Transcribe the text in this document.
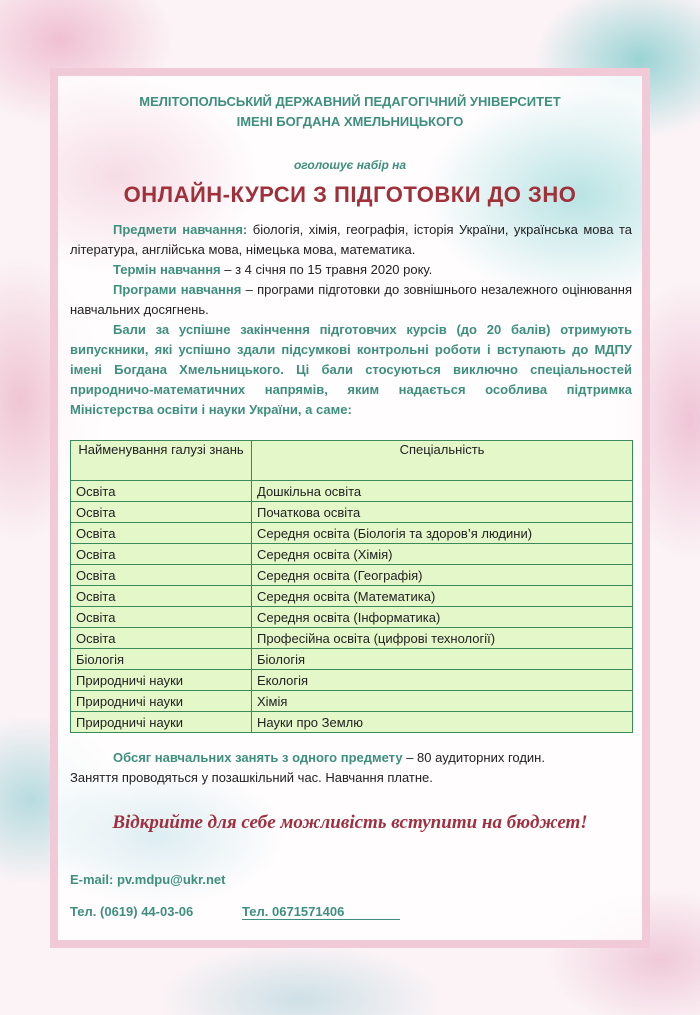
МЕЛІТОПОЛЬСЬКИЙ ДЕРЖАВНИЙ ПЕДАГОГІЧНИЙ УНІВЕРСИТЕТ
ІМЕНІ БОГДАНА ХМЕЛЬНИЦЬКОГО
оголошує набір на
ОНЛАЙН-КУРСИ З ПІДГОТОВКИ ДО ЗНО

Предмети навчання: біологія, хімія, географія, історія України, українська мова та література, англійська мова, німецька мова, математика.

Термін навчання – з 4 січня по 15 травня 2020 року.

Програми навчання – програми підготовки до зовнішнього незалежного оцінювання навчальних досягнень.

Бали за успішне закінчення підготовчих курсів (до 20 балів) отримують випускники, які успішно здали підсумкові контрольні роботи і вступають до МДПУ імені Богдана Хмельницького. Ці бали стосуються виключно спеціальностей природничо-математичних напрямів, яким надається особлива підтримка Міністерства освіти і науки України, а саме:

Найменування галузі знань	Спеціальність
Освіта	Дошкільна освіта
Освіта	Початкова освіта
Освіта	Середня освіта (Біологія та здоров’я людини)
Освіта	Середня освіта (Хімія)
Освіта	Середня освіта (Географія)
Освіта	Середня освіта (Математика)
Освіта	Середня освіта (Інформатика)
Освіта	Професійна освіта (цифрові технології)
Біологія	Біологія
Природничі науки	Екологія
Природничі науки	Хімія
Природничі науки	Науки про Землю

Обсяг навчальних занять з одного предмету – 80 аудиторних годин.

Заняття проводяться у позашкільний час. Навчання платне.

Відкрийте для себе можливість вступити на бюджет!
E-mail: pv.mdpu@ukr.net
Тел. (0619) 44-03-06	Тел. 0671571406
